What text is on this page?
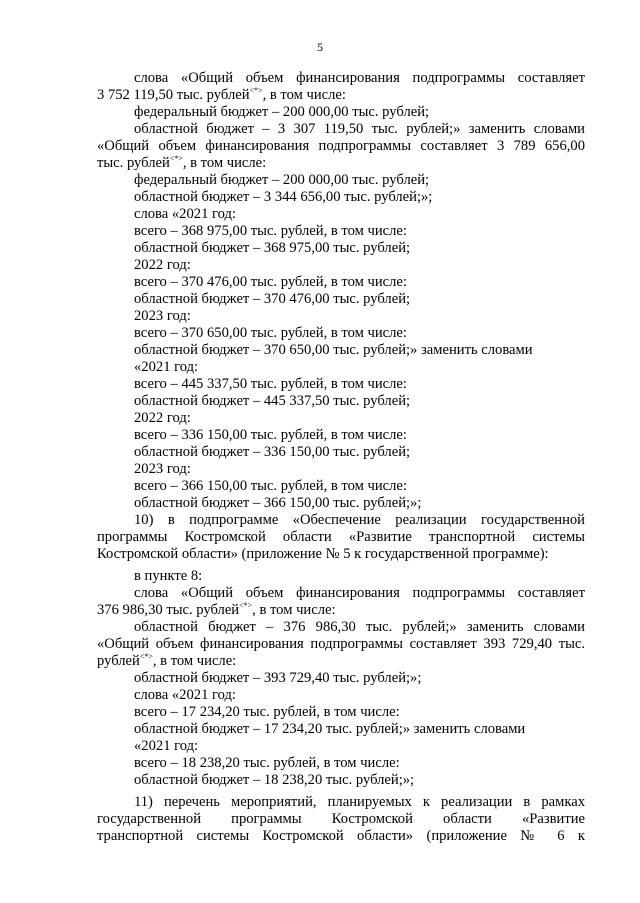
5
слова «Общий объем финансирования подпрограммы составляет
3 752 119,50 тыс. рублей<*>, в том числе:
федеральный бюджет – 200 000,00 тыс. рублей;
областной бюджет – 3 307 119,50 тыс. рублей;» заменить словами
«Общий объем финансирования подпрограммы составляет 3 789 656,00
тыс. рублей<*>, в том числе:
федеральный бюджет – 200 000,00 тыс. рублей;
областной бюджет – 3 344 656,00 тыс. рублей;»;
слова «2021 год:
всего – 368 975,00 тыс. рублей, в том числе:
областной бюджет – 368 975,00 тыс. рублей;
2022 год:
всего – 370 476,00 тыс. рублей, в том числе:
областной бюджет – 370 476,00 тыс. рублей;
2023 год:
всего – 370 650,00 тыс. рублей, в том числе:
областной бюджет – 370 650,00 тыс. рублей;» заменить словами
«2021 год:
всего – 445 337,50 тыс. рублей, в том числе:
областной бюджет – 445 337,50 тыс. рублей;
2022 год:
всего – 336 150,00 тыс. рублей, в том числе:
областной бюджет – 336 150,00 тыс. рублей;
2023 год:
всего – 366 150,00 тыс. рублей, в том числе:
областной бюджет – 366 150,00 тыс. рублей;»;
10) в подпрограмме «Обеспечение реализации государственной
программы Костромской области «Развитие транспортной системы
Костромской области» (приложение № 5 к государственной программе):
в пункте 8:
слова «Общий объем финансирования подпрограммы составляет
376 986,30 тыс. рублей<*>, в том числе:
областной бюджет – 376 986,30 тыс. рублей;» заменить словами
«Общий объем финансирования подпрограммы составляет 393 729,40 тыс.
рублей<*>, в том числе:
областной бюджет – 393 729,40 тыс. рублей;»;
слова «2021 год:
всего – 17 234,20 тыс. рублей, в том числе:
областной бюджет – 17 234,20 тыс. рублей;» заменить словами
«2021 год:
всего – 18 238,20 тыс. рублей, в том числе:
областной бюджет – 18 238,20 тыс. рублей;»;
11) перечень мероприятий, планируемых к реализации в рамках
государственной программы Костромской области «Развитие
транспортной системы Костромской области» (приложение № 6 к
